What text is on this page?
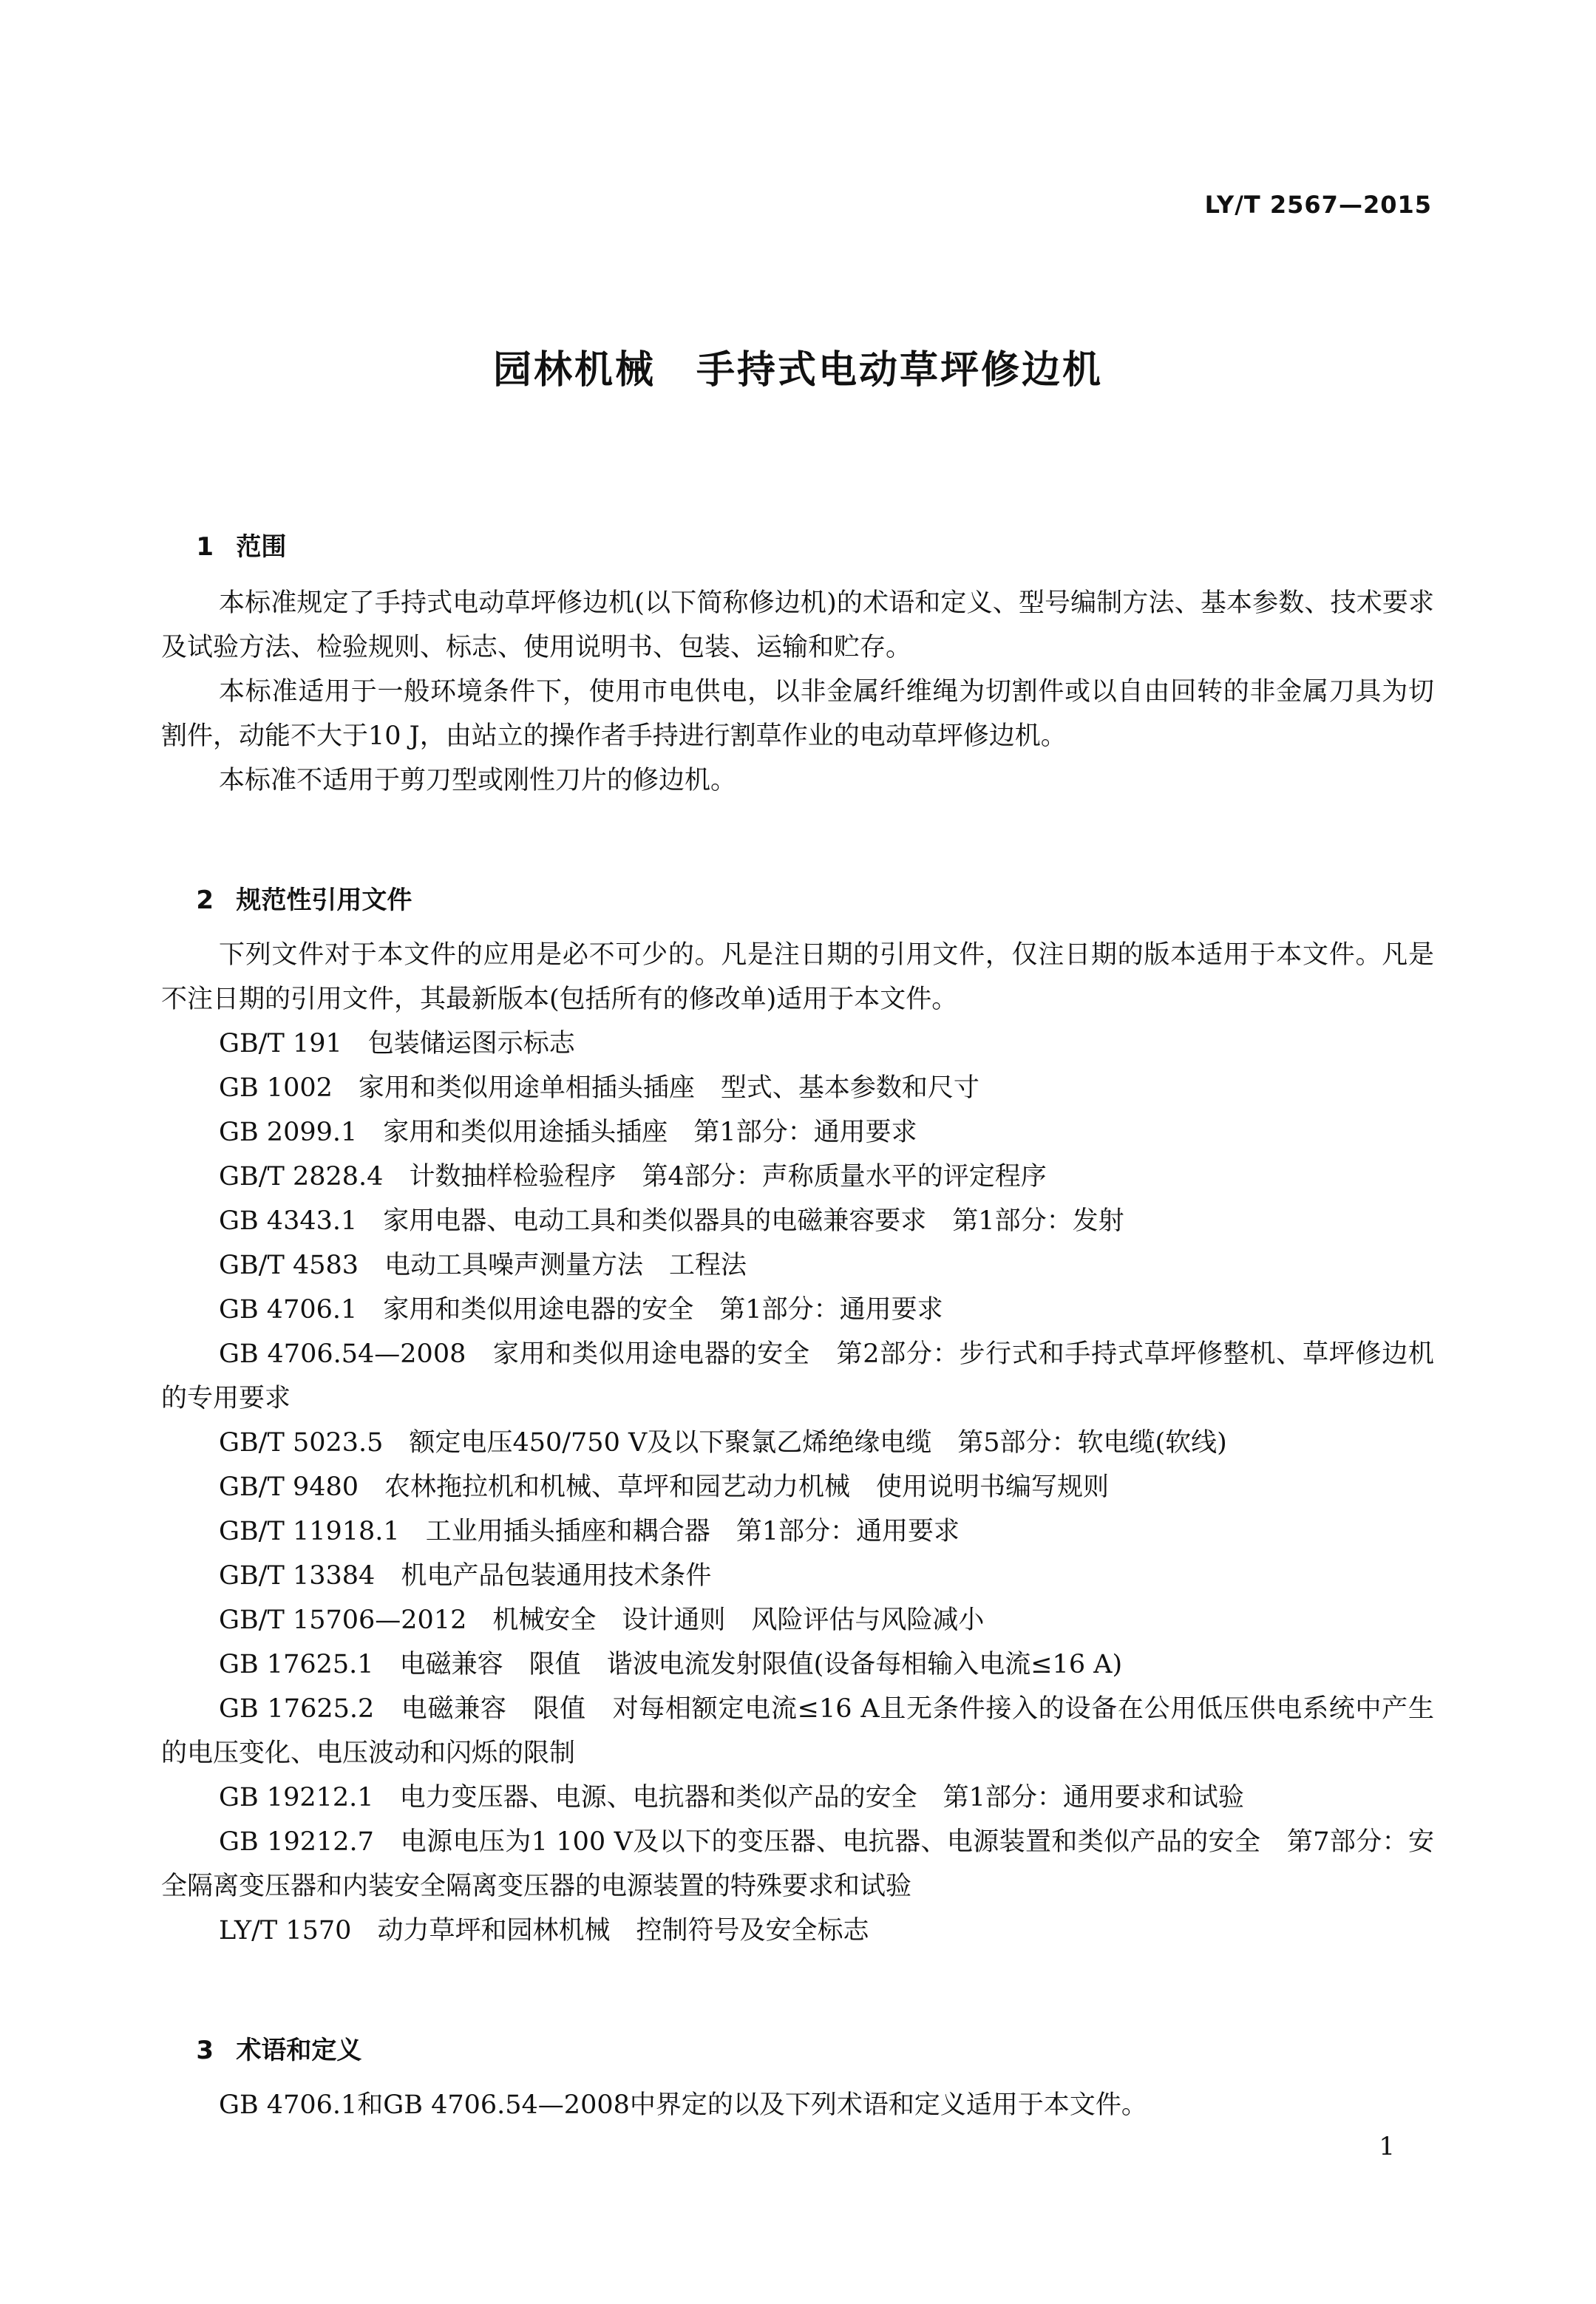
LY/T 2567—2015
园林机械　手持式电动草坪修边机

1 范围

本标准规定了手持式电动草坪修边机(以下简称修边机)的术语和定义、型号编制方法、基本参数、技术要求及试验方法、检验规则、标志、使用说明书、包装、运输和贮存。
本标准适用于一般环境条件下，使用市电供电，以非金属纤维绳为切割件或以自由回转的非金属刀具为切割件，动能不大于10 J，由站立的操作者手持进行割草作业的电动草坪修边机。
本标准不适用于剪刀型或刚性刀片的修边机。

2 规范性引用文件

下列文件对于本文件的应用是必不可少的。凡是注日期的引用文件，仅注日期的版本适用于本文件。凡是不注日期的引用文件，其最新版本(包括所有的修改单)适用于本文件。
GB/T 191　 包装储运图示标志
GB 1002　 家用和类似用途单相插头插座　型式、基本参数和尺寸
GB 2099.1　 家用和类似用途插头插座　第1部分：通用要求
GB/T 2828.4　 计数抽样检验程序　第4部分：声称质量水平的评定程序
GB 4343.1　 家用电器、电动工具和类似器具的电磁兼容要求　第1部分：发射
GB/T 4583　 电动工具噪声测量方法　工程法
GB 4706.1　 家用和类似用途电器的安全　第1部分：通用要求
GB 4706.54—2008　 家用和类似用途电器的安全　第2部分：步行式和手持式草坪修整机、草坪修边机的专用要求
GB/T 5023.5　 额定电压450/750 V及以下聚氯乙烯绝缘电缆　第5部分：软电缆(软线)
GB/T 9480　 农林拖拉机和机械、草坪和园艺动力机械　使用说明书编写规则
GB/T 11918.1　 工业用插头插座和耦合器　第1部分：通用要求
GB/T 13384　 机电产品包装通用技术条件
GB/T 15706—2012　 机械安全　设计通则　风险评估与风险减小
GB 17625.1　 电磁兼容　限值　谐波电流发射限值(设备每相输入电流≤16 A)
GB 17625.2　 电磁兼容　限值　对每相额定电流≤16 A且无条件接入的设备在公用低压供电系统中产生的电压变化、电压波动和闪烁的限制
GB 19212.1　 电力变压器、电源、电抗器和类似产品的安全　第1部分：通用要求和试验
GB 19212.7　 电源电压为1 100 V及以下的变压器、电抗器、电源装置和类似产品的安全　第7部分：安全隔离变压器和内装安全隔离变压器的电源装置的特殊要求和试验
LY/T 1570　 动力草坪和园林机械　控制符号及安全标志

3 术语和定义

GB 4706.1和GB 4706.54—2008中界定的以及下列术语和定义适用于本文件。
1
